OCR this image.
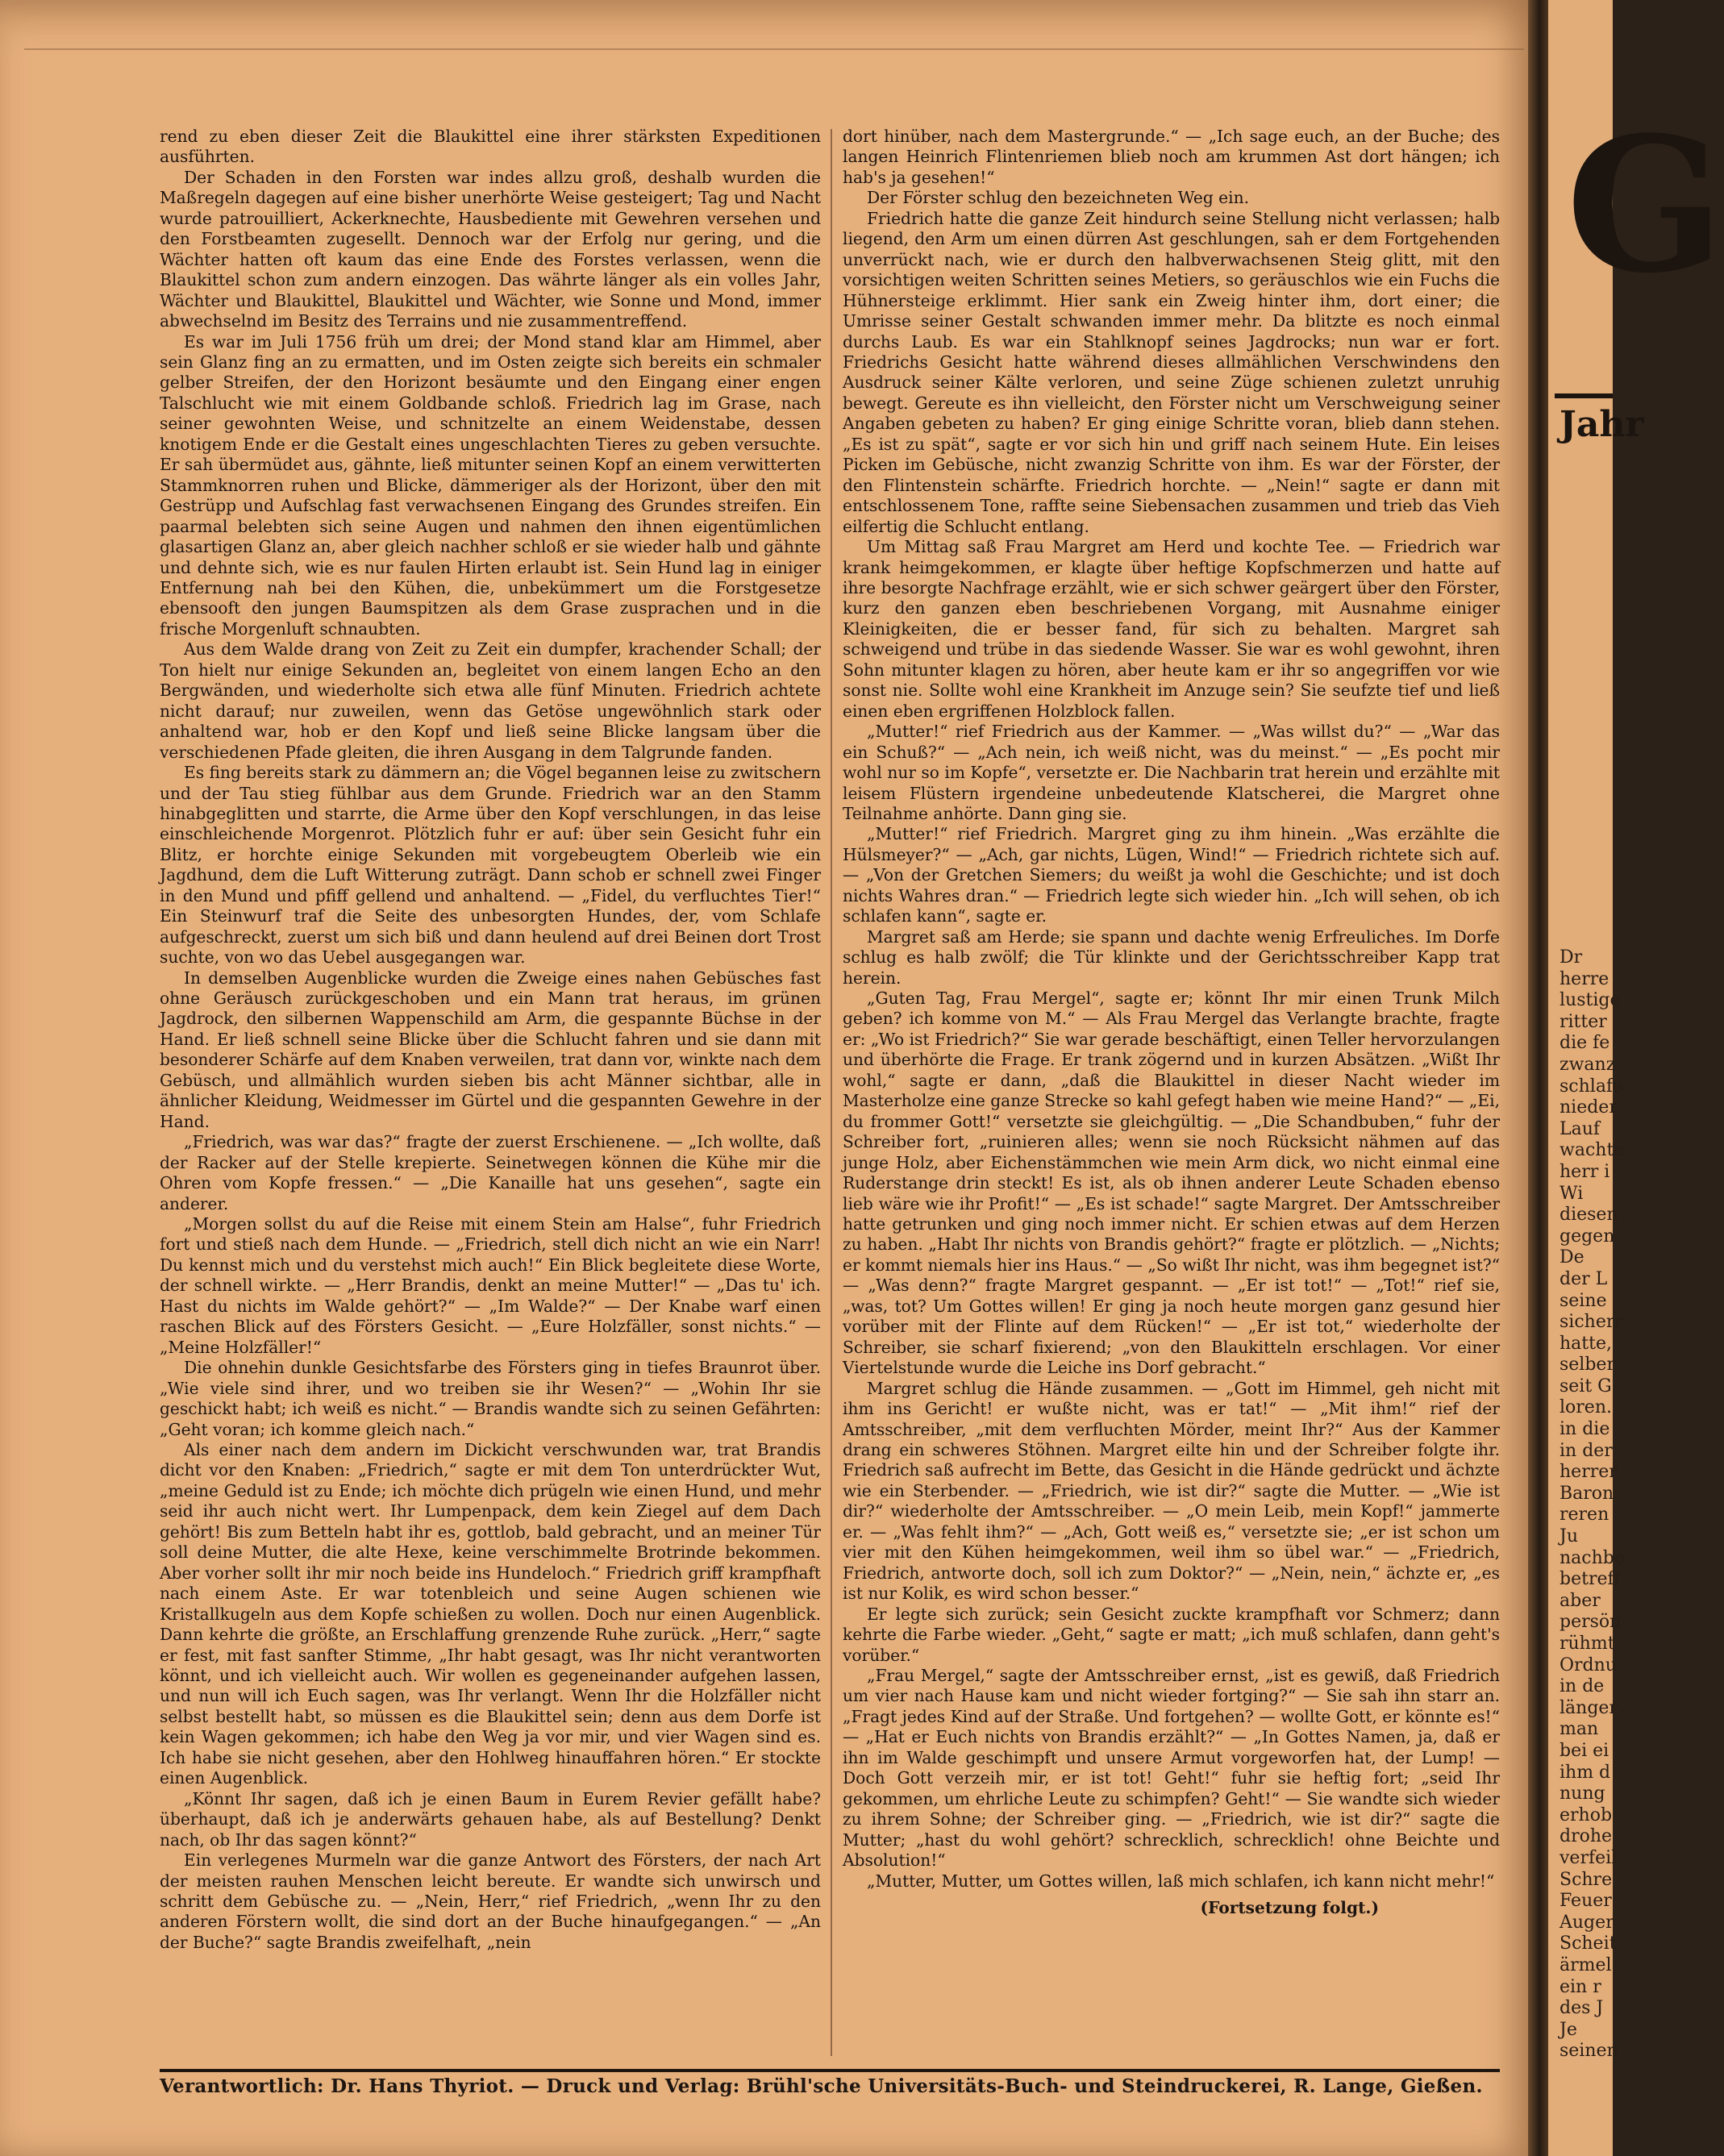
G
Jahr
Dr
herre
lustige
ritter
die fe
zwanz
schlafe
nieder
Lauf
wachte
herr i
Wi
diesen
gegen
De
der L
seine
sicherr
hatte,
selber
seit G
loren.
in die
in der
herrer
Baron
reren
Ju
nachbe
betreff
aber
persön
rühmt
Ordnu
in de
länger
man
bei ei
ihm d
nung
erhob
drohe
verfeil
Schre
Feuer
Auger
Scheit
ärmel
ein r
des J
Je
seinen

rend zu eben dieser Zeit die Blaukittel eine ihrer stärksten Expeditionen ausführten.

Der Schaden in den Forsten war indes allzu groß, deshalb wurden die Maßregeln dagegen auf eine bisher unerhörte Weise gesteigert; Tag und Nacht wurde patrouilliert, Ackerknechte, Hausbediente mit Gewehren versehen und den Forstbeamten zugesellt. Dennoch war der Erfolg nur gering, und die Wächter hatten oft kaum das eine Ende des Forstes verlassen, wenn die Blaukittel schon zum andern einzogen. Das währte länger als ein volles Jahr, Wächter und Blaukittel, Blaukittel und Wächter, wie Sonne und Mond, immer abwechselnd im Besitz des Terrains und nie zusammentreffend.

Es war im Juli 1756 früh um drei; der Mond stand klar am Himmel, aber sein Glanz fing an zu ermatten, und im Osten zeigte sich bereits ein schmaler gelber Streifen, der den Horizont besäumte und den Eingang einer engen Talschlucht wie mit einem Goldbande schloß. Friedrich lag im Grase, nach seiner gewohnten Weise, und schnitzelte an einem Weidenstabe, dessen knotigem Ende er die Gestalt eines ungeschlachten Tieres zu geben versuchte. Er sah übermüdet aus, gähnte, ließ mitunter seinen Kopf an einem verwitterten Stammknorren ruhen und Blicke, dämmeriger als der Horizont, über den mit Gestrüpp und Aufschlag fast verwachsenen Eingang des Grundes streifen. Ein paarmal belebten sich seine Augen und nahmen den ihnen eigentümlichen glasartigen Glanz an, aber gleich nachher schloß er sie wieder halb und gähnte und dehnte sich, wie es nur faulen Hirten erlaubt ist. Sein Hund lag in einiger Entfernung nah bei den Kühen, die, unbekümmert um die Forstgesetze ebensooft den jungen Baumspitzen als dem Grase zusprachen und in die frische Morgenluft schnaubten.

Aus dem Walde drang von Zeit zu Zeit ein dumpfer, krachender Schall; der Ton hielt nur einige Sekunden an, begleitet von einem langen Echo an den Bergwänden, und wiederholte sich etwa alle fünf Minuten. Friedrich achtete nicht darauf; nur zuweilen, wenn das Getöse ungewöhnlich stark oder anhaltend war, hob er den Kopf und ließ seine Blicke langsam über die verschiedenen Pfade gleiten, die ihren Ausgang in dem Talgrunde fanden.

Es fing bereits stark zu dämmern an; die Vögel begannen leise zu zwitschern und der Tau stieg fühlbar aus dem Grunde. Friedrich war an den Stamm hinabgeglitten und starrte, die Arme über den Kopf verschlungen, in das leise einschleichende Morgenrot. Plötzlich fuhr er auf: über sein Gesicht fuhr ein Blitz, er horchte einige Sekunden mit vorgebeugtem Oberleib wie ein Jagdhund, dem die Luft Witterung zuträgt. Dann schob er schnell zwei Finger in den Mund und pfiff gellend und anhaltend. — „Fidel, du verfluchtes Tier!“ Ein Steinwurf traf die Seite des unbesorgten Hundes, der, vom Schlafe aufgeschreckt, zuerst um sich biß und dann heulend auf drei Beinen dort Trost suchte, von wo das Uebel ausgegangen war.

In demselben Augenblicke wurden die Zweige eines nahen Gebüsches fast ohne Geräusch zurückgeschoben und ein Mann trat heraus, im grünen Jagdrock, den silbernen Wappenschild am Arm, die gespannte Büchse in der Hand. Er ließ schnell seine Blicke über die Schlucht fahren und sie dann mit besonderer Schärfe auf dem Knaben verweilen, trat dann vor, winkte nach dem Gebüsch, und allmählich wurden sieben bis acht Männer sichtbar, alle in ähnlicher Kleidung, Weidmesser im Gürtel und die gespannten Gewehre in der Hand.

„Friedrich, was war das?“ fragte der zuerst Erschienene. — „Ich wollte, daß der Racker auf der Stelle krepierte. Seinetwegen können die Kühe mir die Ohren vom Kopfe fressen.“ — „Die Kanaille hat uns gesehen“, sagte ein anderer.

„Morgen sollst du auf die Reise mit einem Stein am Halse“, fuhr Friedrich fort und stieß nach dem Hunde. — „Friedrich, stell dich nicht an wie ein Narr! Du kennst mich und du verstehst mich auch!“ Ein Blick begleitete diese Worte, der schnell wirkte. — „Herr Brandis, denkt an meine Mutter!“ — „Das tu' ich. Hast du nichts im Walde gehört?“ — „Im Walde?“ — Der Knabe warf einen raschen Blick auf des Försters Gesicht. — „Eure Holzfäller, sonst nichts.“ — „Meine Holzfäller!“

Die ohnehin dunkle Gesichtsfarbe des Försters ging in tiefes Braunrot über. „Wie viele sind ihrer, und wo treiben sie ihr Wesen?“ — „Wohin Ihr sie geschickt habt; ich weiß es nicht.“ — Brandis wandte sich zu seinen Gefährten: „Geht voran; ich komme gleich nach.“

Als einer nach dem andern im Dickicht verschwunden war, trat Brandis dicht vor den Knaben: „Friedrich,“ sagte er mit dem Ton unterdrückter Wut, „meine Geduld ist zu Ende; ich möchte dich prügeln wie einen Hund, und mehr seid ihr auch nicht wert. Ihr Lumpenpack, dem kein Ziegel auf dem Dach gehört! Bis zum Betteln habt ihr es, gottlob, bald gebracht, und an meiner Tür soll deine Mutter, die alte Hexe, keine verschimmelte Brotrinde bekommen. Aber vorher sollt ihr mir noch beide ins Hundeloch.“ Friedrich griff krampfhaft nach einem Aste. Er war totenbleich und seine Augen schienen wie Kristallkugeln aus dem Kopfe schießen zu wollen. Doch nur einen Augenblick. Dann kehrte die größte, an Erschlaffung grenzende Ruhe zurück. „Herr,“ sagte er fest, mit fast sanfter Stimme, „Ihr habt gesagt, was Ihr nicht verantworten könnt, und ich vielleicht auch. Wir wollen es gegeneinander aufgehen lassen, und nun will ich Euch sagen, was Ihr verlangt. Wenn Ihr die Holzfäller nicht selbst bestellt habt, so müssen es die Blaukittel sein; denn aus dem Dorfe ist kein Wagen gekommen; ich habe den Weg ja vor mir, und vier Wagen sind es. Ich habe sie nicht gesehen, aber den Hohlweg hinauffahren hören.“ Er stockte einen Augenblick.

„Könnt Ihr sagen, daß ich je einen Baum in Eurem Revier gefällt habe? überhaupt, daß ich je anderwärts gehauen habe, als auf Bestellung? Denkt nach, ob Ihr das sagen könnt?“

Ein verlegenes Murmeln war die ganze Antwort des Försters, der nach Art der meisten rauhen Menschen leicht bereute. Er wandte sich unwirsch und schritt dem Gebüsche zu. — „Nein, Herr,“ rief Friedrich, „wenn Ihr zu den anderen Förstern wollt, die sind dort an der Buche hinaufgegangen.“ — „An der Buche?“ sagte Brandis zweifelhaft, „nein

dort hinüber, nach dem Mastergrunde.“ — „Ich sage euch, an der Buche; des langen Heinrich Flintenriemen blieb noch am krummen Ast dort hängen; ich hab's ja gesehen!“

Der Förster schlug den bezeichneten Weg ein.

Friedrich hatte die ganze Zeit hindurch seine Stellung nicht verlassen; halb liegend, den Arm um einen dürren Ast geschlungen, sah er dem Fortgehenden unverrückt nach, wie er durch den halbverwachsenen Steig glitt, mit den vorsichtigen weiten Schritten seines Metiers, so geräuschlos wie ein Fuchs die Hühnersteige erklimmt. Hier sank ein Zweig hinter ihm, dort einer; die Umrisse seiner Gestalt schwanden immer mehr. Da blitzte es noch einmal durchs Laub. Es war ein Stahlknopf seines Jagdrocks; nun war er fort. Friedrichs Gesicht hatte während dieses allmählichen Verschwindens den Ausdruck seiner Kälte verloren, und seine Züge schienen zuletzt unruhig bewegt. Gereute es ihn vielleicht, den Förster nicht um Verschweigung seiner Angaben gebeten zu haben? Er ging einige Schritte voran, blieb dann stehen. „Es ist zu spät“, sagte er vor sich hin und griff nach seinem Hute. Ein leises Picken im Gebüsche, nicht zwanzig Schritte von ihm. Es war der Förster, der den Flintenstein schärfte. Friedrich horchte. — „Nein!“ sagte er dann mit entschlossenem Tone, raffte seine Siebensachen zusammen und trieb das Vieh eilfertig die Schlucht entlang.

Um Mittag saß Frau Margret am Herd und kochte Tee. — Friedrich war krank heimgekommen, er klagte über heftige Kopfschmerzen und hatte auf ihre besorgte Nachfrage erzählt, wie er sich schwer geärgert über den Förster, kurz den ganzen eben beschriebenen Vorgang, mit Ausnahme einiger Kleinigkeiten, die er besser fand, für sich zu behalten. Margret sah schweigend und trübe in das siedende Wasser. Sie war es wohl gewohnt, ihren Sohn mitunter klagen zu hören, aber heute kam er ihr so angegriffen vor wie sonst nie. Sollte wohl eine Krankheit im Anzuge sein? Sie seufzte tief und ließ einen eben ergriffenen Holzblock fallen.

„Mutter!“ rief Friedrich aus der Kammer. — „Was willst du?“ — „War das ein Schuß?“ — „Ach nein, ich weiß nicht, was du meinst.“ — „Es pocht mir wohl nur so im Kopfe“, versetzte er. Die Nachbarin trat herein und erzählte mit leisem Flüstern irgendeine unbedeutende Klatscherei, die Margret ohne Teilnahme anhörte. Dann ging sie.

„Mutter!“ rief Friedrich. Margret ging zu ihm hinein. „Was erzählte die Hülsmeyer?“ — „Ach, gar nichts, Lügen, Wind!“ — Friedrich richtete sich auf. — „Von der Gretchen Siemers; du weißt ja wohl die Geschichte; und ist doch nichts Wahres dran.“ — Friedrich legte sich wieder hin. „Ich will sehen, ob ich schlafen kann“, sagte er.

Margret saß am Herde; sie spann und dachte wenig Erfreuliches. Im Dorfe schlug es halb zwölf; die Tür klinkte und der Gerichtsschreiber Kapp trat herein.

„Guten Tag, Frau Mergel“, sagte er; könnt Ihr mir einen Trunk Milch geben? ich komme von M.“ — Als Frau Mergel das Verlangte brachte, fragte er: „Wo ist Friedrich?“ Sie war gerade beschäftigt, einen Teller hervorzulangen und überhörte die Frage. Er trank zögernd und in kurzen Absätzen. „Wißt Ihr wohl,“ sagte er dann, „daß die Blaukittel in dieser Nacht wieder im Masterholze eine ganze Strecke so kahl gefegt haben wie meine Hand?“ — „Ei, du frommer Gott!“ versetzte sie gleichgültig. — „Die Schandbuben,“ fuhr der Schreiber fort, „ruinieren alles; wenn sie noch Rücksicht nähmen auf das junge Holz, aber Eichenstämmchen wie mein Arm dick, wo nicht einmal eine Ruderstange drin steckt! Es ist, als ob ihnen anderer Leute Schaden ebenso lieb wäre wie ihr Profit!“ — „Es ist schade!“ sagte Margret. Der Amtsschreiber hatte getrunken und ging noch immer nicht. Er schien etwas auf dem Herzen zu haben. „Habt Ihr nichts von Brandis gehört?“ fragte er plötzlich. — „Nichts; er kommt niemals hier ins Haus.“ — „So wißt Ihr nicht, was ihm begegnet ist?“ — „Was denn?“ fragte Margret gespannt. — „Er ist tot!“ — „Tot!“ rief sie, „was, tot? Um Gottes willen! Er ging ja noch heute morgen ganz gesund hier vorüber mit der Flinte auf dem Rücken!“ — „Er ist tot,“ wiederholte der Schreiber, sie scharf fixierend; „von den Blaukitteln erschlagen. Vor einer Viertelstunde wurde die Leiche ins Dorf gebracht.“

Margret schlug die Hände zusammen. — „Gott im Himmel, geh nicht mit ihm ins Gericht! er wußte nicht, was er tat!“ — „Mit ihm!“ rief der Amtsschreiber, „mit dem verfluchten Mörder, meint Ihr?“ Aus der Kammer drang ein schweres Stöhnen. Margret eilte hin und der Schreiber folgte ihr. Friedrich saß aufrecht im Bette, das Gesicht in die Hände gedrückt und ächzte wie ein Sterbender. — „Friedrich, wie ist dir?“ sagte die Mutter. — „Wie ist dir?“ wiederholte der Amtsschreiber. — „O mein Leib, mein Kopf!“ jammerte er. — „Was fehlt ihm?“ — „Ach, Gott weiß es,“ versetzte sie; „er ist schon um vier mit den Kühen heimgekommen, weil ihm so übel war.“ — „Friedrich, Friedrich, antworte doch, soll ich zum Doktor?“ — „Nein, nein,“ ächzte er, „es ist nur Kolik, es wird schon besser.“

Er legte sich zurück; sein Gesicht zuckte krampfhaft vor Schmerz; dann kehrte die Farbe wieder. „Geht,“ sagte er matt; „ich muß schlafen, dann geht's vorüber.“

„Frau Mergel,“ sagte der Amtsschreiber ernst, „ist es gewiß, daß Friedrich um vier nach Hause kam und nicht wieder fortging?“ — Sie sah ihn starr an. „Fragt jedes Kind auf der Straße. Und fortgehen? — wollte Gott, er könnte es!“ — „Hat er Euch nichts von Brandis erzählt?“ — „In Gottes Namen, ja, daß er ihn im Walde geschimpft und unsere Armut vorgeworfen hat, der Lump! — Doch Gott verzeih mir, er ist tot! Geht!“ fuhr sie heftig fort; „seid Ihr gekommen, um ehrliche Leute zu schimpfen? Geht!“ — Sie wandte sich wieder zu ihrem Sohne; der Schreiber ging. — „Friedrich, wie ist dir?“ sagte die Mutter; „hast du wohl gehört? schrecklich, schrecklich! ohne Beichte und Absolution!“

„Mutter, Mutter, um Gottes willen, laß mich schlafen, ich kann nicht mehr!“

(Fortsetzung folgt.)

Verantwortlich: Dr. Hans Thyriot. — Druck und Verlag: Brühl'sche Universitäts-Buch- und Steindruckerei, R. Lange, Gießen.
